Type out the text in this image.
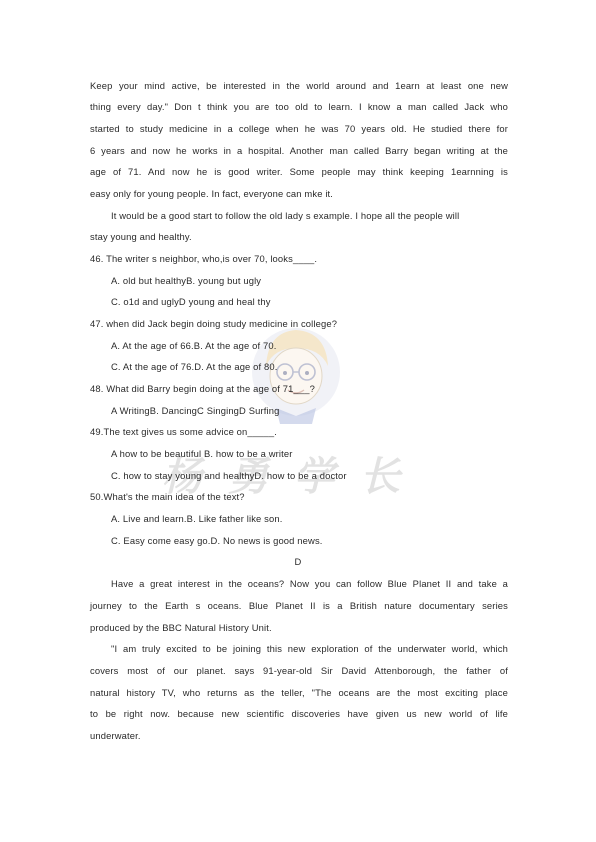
杨 勇 学 长
Keep your mind active, be interested in the world around and 1earn at least one new
thing every day." Don t think you are too old to learn. I know a man called Jack who
started to study medicine in a college when he was 70 years old. He studied there for
6 years and now he works in a hospital. Another man called Barry began writing at the
age of 71. And now he is good writer. Some people may think keeping 1earnning is
easy only for young people. In fact, everyone can mke it.
It would be a good start to follow the old lady s example. I hope all the people will
stay young and healthy.
46. The writer s neighbor, who,is over 70, looks____.
A. old but healthyB. young but ugly
C. o1d and uglyD young and heal thy
47. when did Jack begin doing study medicine in college?
A. At the age of 66.B. At the age of 70.
C. At the age of 76.D. At the age of 80.
48. What did Barry begin doing at the age of 71___?
A WritingB. DancingC SingingD Surfing
49.The text gives us some advice on_____.
A how to be beautiful B. how to be a writer
C. how to stay young and healthyD. how to be a doctor
50.What's the main idea of the text?
A. Live and learn.B. Like father like son.
C. Easy come easy go.D. No news is good news.
D
Have a great interest in the oceans? Now you can follow Blue Planet II and take a
journey to the Earth s oceans. Blue Planet II is a British nature documentary series
produced by the BBC Natural History Unit.
"I am truly excited to be joining this new exploration of the underwater world, which
covers most of our planet. says 91-year-old Sir David Attenborough, the father of
natural history TV, who returns as the teller, "The oceans are the most exciting place
to be right now. because new scientific discoveries have given us new world of life
underwater.
